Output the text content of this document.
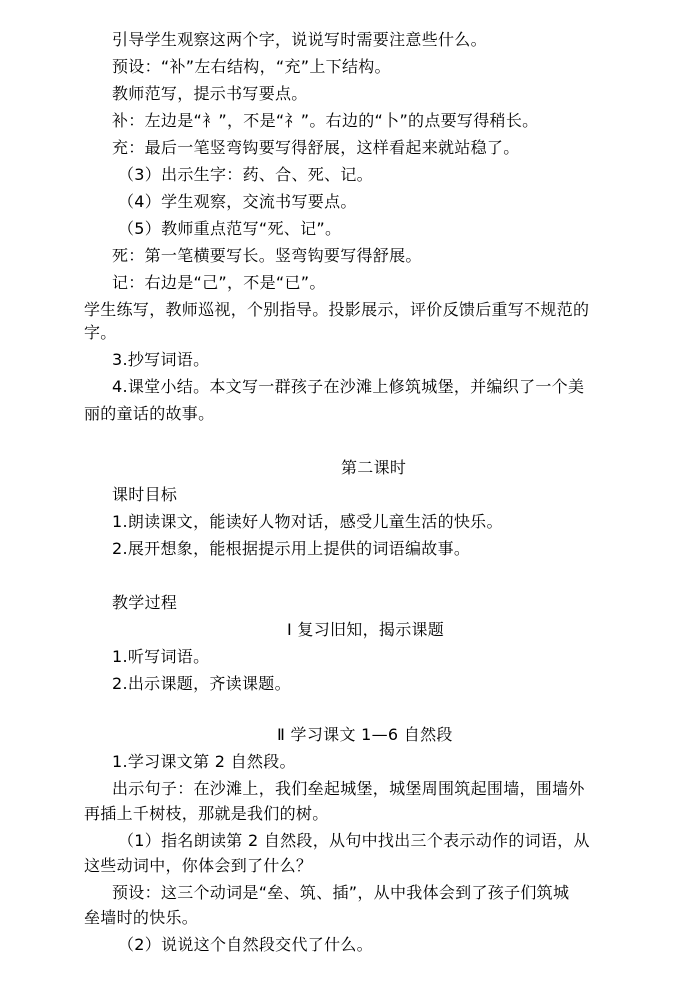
引导学生观察这两个字，说说写时需要注意些什么。
预设：“补”左右结构，“充”上下结构。
教师范写，提示书写要点。
补：左边是“衤”，不是“礻”。右边的“卜”的点要写得稍长。
充：最后一笔竖弯钩要写得舒展，这样看起来就站稳了。
（3）出示生字：药、合、死、记。
（4）学生观察，交流书写要点。
（5）教师重点范写“死、记”。
死：第一笔横要写长。竖弯钩要写得舒展。
记：右边是“己”，不是“已”。
学生练写，教师巡视，个别指导。投影展示，评价反馈后重写不规范的
字。
3.抄写词语。
4.课堂小结。本文写一群孩子在沙滩上修筑城堡，并编织了一个美
丽的童话的故事。
第二课时
课时目标
1.朗读课文，能读好人物对话，感受儿童生活的快乐。
2.展开想象，能根据提示用上提供的词语编故事。
教学过程
Ⅰ 复习旧知，揭示课题
1.听写词语。
2.出示课题，齐读课题。
Ⅱ 学习课文 1—6 自然段
1.学习课文第 2 自然段。
出示句子：在沙滩上，我们垒起城堡，城堡周围筑起围墙，围墙外
再插上千树枝，那就是我们的树。
（1）指名朗读第 2 自然段，从句中找出三个表示动作的词语，从
这些动词中，你体会到了什么？
预设：这三个动词是“垒、筑、插”，从中我体会到了孩子们筑城
垒墙时的快乐。
（2）说说这个自然段交代了什么。
